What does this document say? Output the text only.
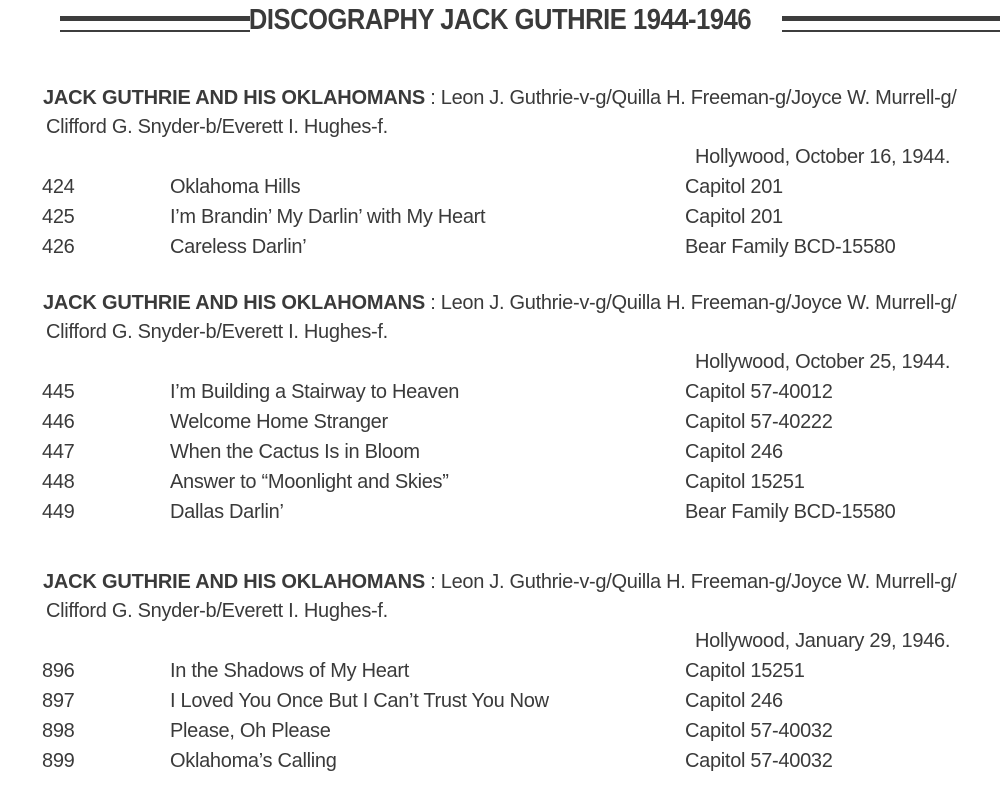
DISCOGRAPHY JACK GUTHRIE 1944-1946

JACK GUTHRIE AND HIS OKLAHOMANS : Leon J. Guthrie-v-g/Quilla H. Freeman-g/Joyce W. Murrell-g/

Clifford G. Snyder-b/Everett I. Hughes-f.

Hollywood, October 16, 1944.

424	Oklahoma Hills	Capitol 201
425	I’m Brandin’ My Darlin’ with My Heart	Capitol 201
426	Careless Darlin’	Bear Family BCD-15580

JACK GUTHRIE AND HIS OKLAHOMANS : Leon J. Guthrie-v-g/Quilla H. Freeman-g/Joyce W. Murrell-g/

Clifford G. Snyder-b/Everett I. Hughes-f.

Hollywood, October 25, 1944.

445	I’m Building a Stairway to Heaven	Capitol 57-40012
446	Welcome Home Stranger	Capitol 57-40222
447	When the Cactus Is in Bloom	Capitol 246
448	Answer to “Moonlight and Skies”	Capitol 15251
449	Dallas Darlin’	Bear Family BCD-15580

JACK GUTHRIE AND HIS OKLAHOMANS : Leon J. Guthrie-v-g/Quilla H. Freeman-g/Joyce W. Murrell-g/

Clifford G. Snyder-b/Everett I. Hughes-f.

Hollywood, January 29, 1946.

896	In the Shadows of My Heart	Capitol 15251
897	I Loved You Once But I Can’t Trust You Now	Capitol 246
898	Please, Oh Please	Capitol 57-40032
899	Oklahoma’s Calling	Capitol 57-40032
